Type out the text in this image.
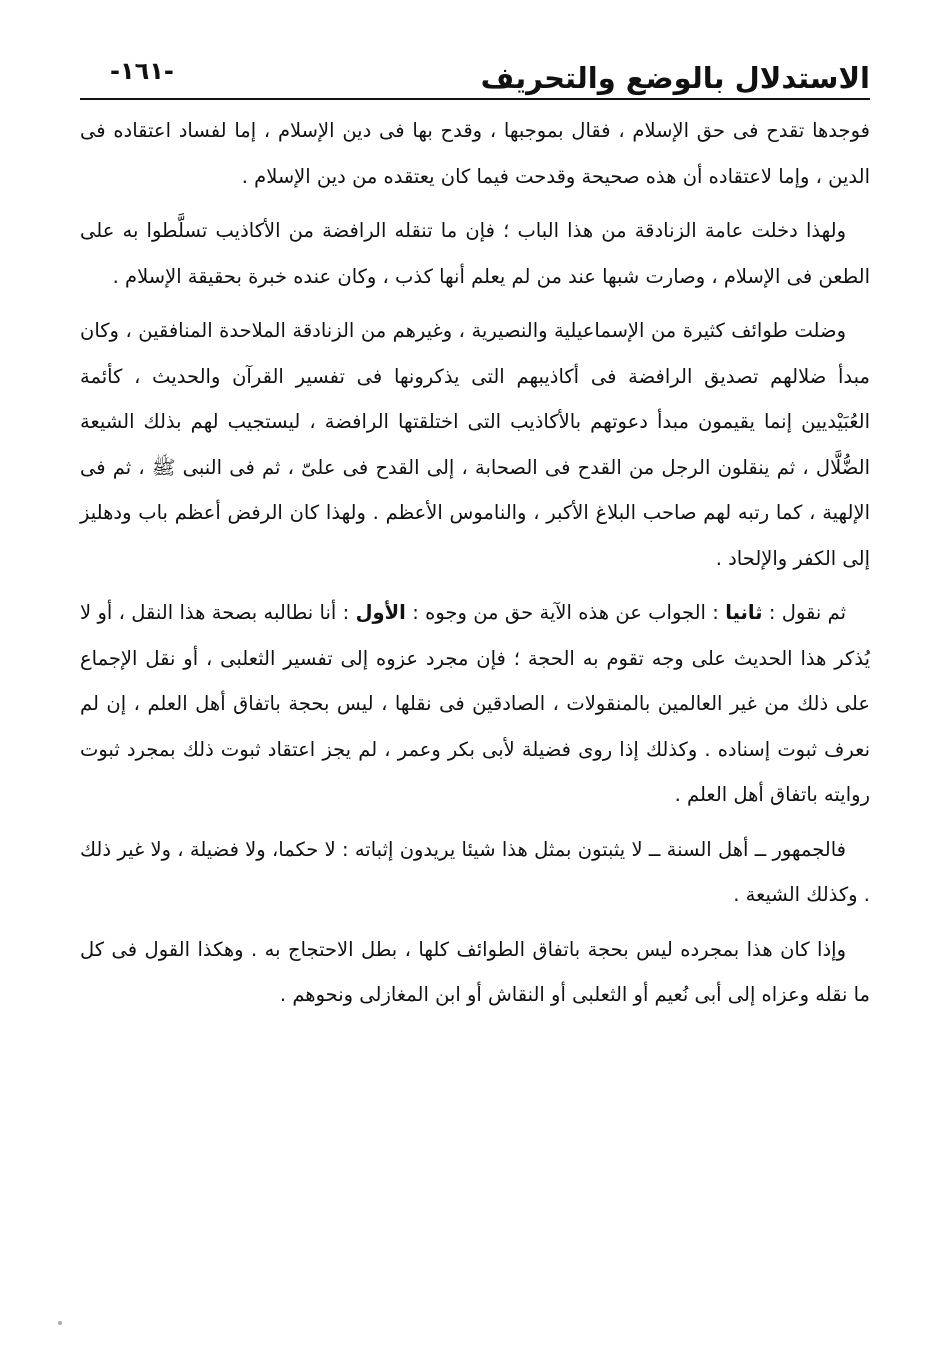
الاستدلال بالوضع والتحريف
-١٦١-

فوجدها تقدح فى حق الإسلام ، فقال بموجبها ، وقدح بها فى دين الإسلام ، إما لفساد اعتقاده فى الدين ، وإما لاعتقاده أن هذه صحيحة وقدحت فيما كان يعتقده من دين الإسلام .

ولهذا دخلت عامة الزنادقة من هذا الباب ؛ فإن ما تنقله الرافضة من الأكاذيب تسلَّطوا به على الطعن فى الإسلام ، وصارت شبها عند من لم يعلم أنها كذب ، وكان عنده خبرة بحقيقة الإسلام .

وضلت طوائف كثيرة من الإسماعيلية والنصيرية ، وغيرهم من الزنادقة الملاحدة المنافقين ، وكان مبدأ ضلالهم تصديق الرافضة فى أكاذيبهم التى يذكرونها فى تفسير القرآن والحديث ، كأئمة العُبَيْديين إنما يقيمون مبدأ دعوتهم بالأكاذيب التى اختلقتها الرافضة ، ليستجيب لهم بذلك الشيعة الضُّلَّال ، ثم ينقلون الرجل من القدح فى الصحابة ، إلى القدح فى علىّ ، ثم فى النبى ﷺ ، ثم فى الإلهية ، كما رتبه لهم صاحب البلاغ الأكبر ، والناموس الأعظم . ولهذا كان الرفض أعظم باب ودهليز إلى الكفر والإلحاد .

ثم نقول : ثانيا : الجواب عن هذه الآية حق من وجوه : الأول : أنا نطالبه بصحة هذا النقل ، أو لا يُذكر هذا الحديث على وجه تقوم به الحجة ؛ فإن مجرد عزوه إلى تفسير الثعلبى ، أو نقل الإجماع على ذلك من غير العالمين بالمنقولات ، الصادقين فى نقلها ، ليس بحجة باتفاق أهل العلم ، إن لم نعرف ثبوت إسناده . وكذلك إذا روى فضيلة لأبى بكر وعمر ، لم يجز اعتقاد ثبوت ذلك بمجرد ثبوت روايته باتفاق أهل العلم .

فالجمهور ــ أهل السنة ــ لا يثبتون بمثل هذا شيئا يريدون إثباته : لا حكما، ولا فضيلة ، ولا غير ذلك . وكذلك الشيعة .

وإذا كان هذا بمجرده ليس بحجة باتفاق الطوائف كلها ، بطل الاحتجاج به . وهكذا القول فى كل ما نقله وعزاه إلى أبى نُعيم أو الثعلبى أو النقاش أو ابن المغازلى ونحوهم .
